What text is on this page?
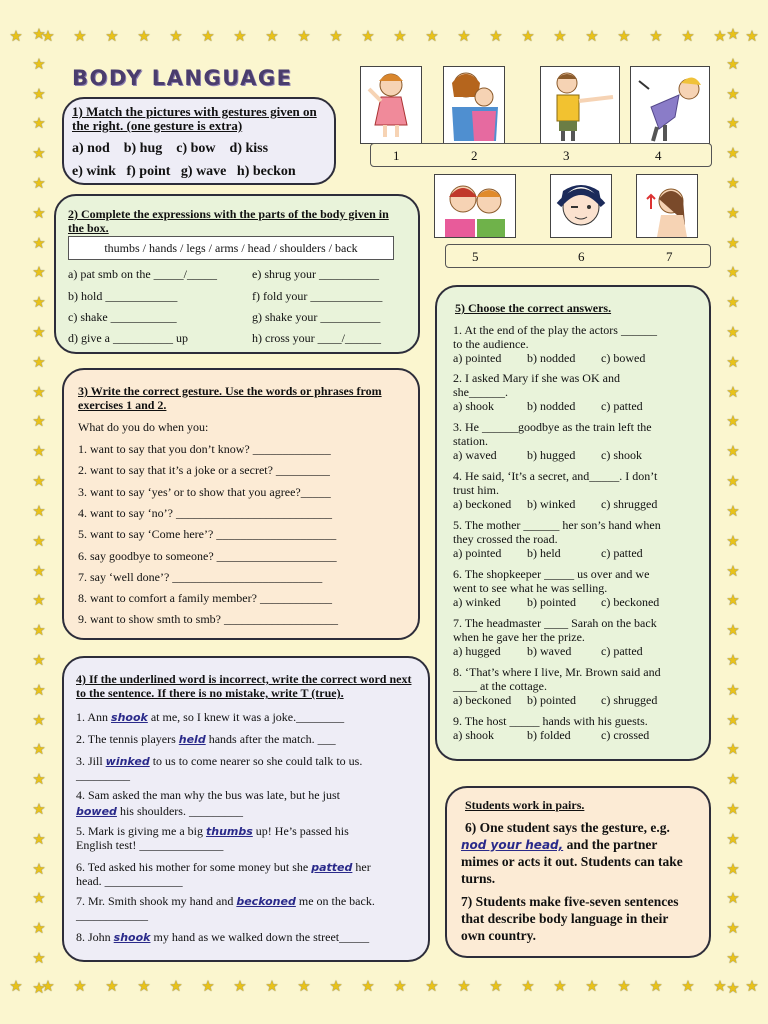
★ ★ ★ ★ ★ ★ ★ ★ ★ ★ ★ ★ ★ ★ ★ ★ ★ ★ ★ ★ ★ ★ ★ ★
★ ★ ★ ★ ★ ★ ★ ★ ★ ★ ★ ★ ★ ★ ★ ★ ★ ★ ★ ★ ★ ★ ★ ★
★
★
★
★
★
★
★
★
★
★
★
★
★
★
★
★
★
★
★
★
★
★
★
★
★
★
★
★
★
★
★
★
★
★
★
★
★
★
★
★
★
★
★
★
★
★
★
★
★
★
★
★
★
★
★
★
★
★
★
★
★
★
★
★
★
★
BODY LANGUAGE
1) Match the pictures with gestures given on the right. (one gesture is extra)
a) nod b) hug c) bow d) kiss
e) wink f) point g) wave h) beckon
1	2	3	4
5	6	7
2) Complete the expressions with the parts of the body given in the box.
thumbs / hands / legs / arms / head / shoulders / back
a) pat smb on the _____/_____
b) hold ____________
c) shake ___________
d) give a __________ up
e) shrug your __________
f) fold your ____________
g) shake your __________
h) cross your ____/______
3) Write the correct gesture. Use the words or phrases from exercises 1 and 2.
What do you do when you:
1. want to say that you don’t know? _____________
2. want to say that it’s a joke or a secret? _________
3. want to say ‘yes’ or to show that you agree?_____
4. want to say ‘no’? __________________________
5. want to say ‘Come here’? ____________________
6. say goodbye to someone? ____________________
7. say ‘well done’? _________________________
8. want to comfort a family member? ____________
9. want to show smth to smb? ___________________
4) If the underlined word is incorrect, write the correct word next to the sentence. If there is no mistake, write T (true).
1. Ann shook at me, so I knew it was a joke.________
2. The tennis players held hands after the match. ___
3. Jill winked to us to come nearer so she could talk to us.
_________
4. Sam asked the man why the bus was late, but he just
bowed his shoulders. _________
5. Mark is giving me a big thumbs up! He’s passed his
English test! ______________
6. Ted asked his mother for some money but she patted her
head. _____________
7. Mr. Smith shook my hand and beckoned me on the back.
____________
8. John shook my hand as we walked down the street_____
5) Choose the correct answers.
1. At the end of the play the actors ______
to the audience.
a) pointed b) nodded c) bowed
2. I asked Mary if she was OK and
she______.
a) shook	b) nodded c) patted
3. He ______goodbye as the train left the
station.
a) waved	b) hugged c) shook
4. He said, ‘It’s a secret, and_____. I don’t
trust him.
a) beckoned b) winked c) shrugged
5. The mother ______ her son’s hand when
they crossed the road.
a) pointed b) held	c) patted
6. The shopkeeper _____ us over and we
went to see what he was selling.
a) winked b) pointed c) beckoned
7. The headmaster ____ Sarah on the back
when he gave her the prize.
a) hugged b) waved c) patted
8. ‘That’s where I live, Mr. Brown said and
____ at the cottage.
a) beckoned b) pointed c) shrugged
9. The host _____ hands with his guests.
a) shook	b) folded	c) crossed
Students work in pairs.
6) One student says the gesture, e.g.
nod your head, and the partner
mimes or acts it out. Students can take
turns.
7) Students make five-seven sentences
that describe body language in their
own country.
